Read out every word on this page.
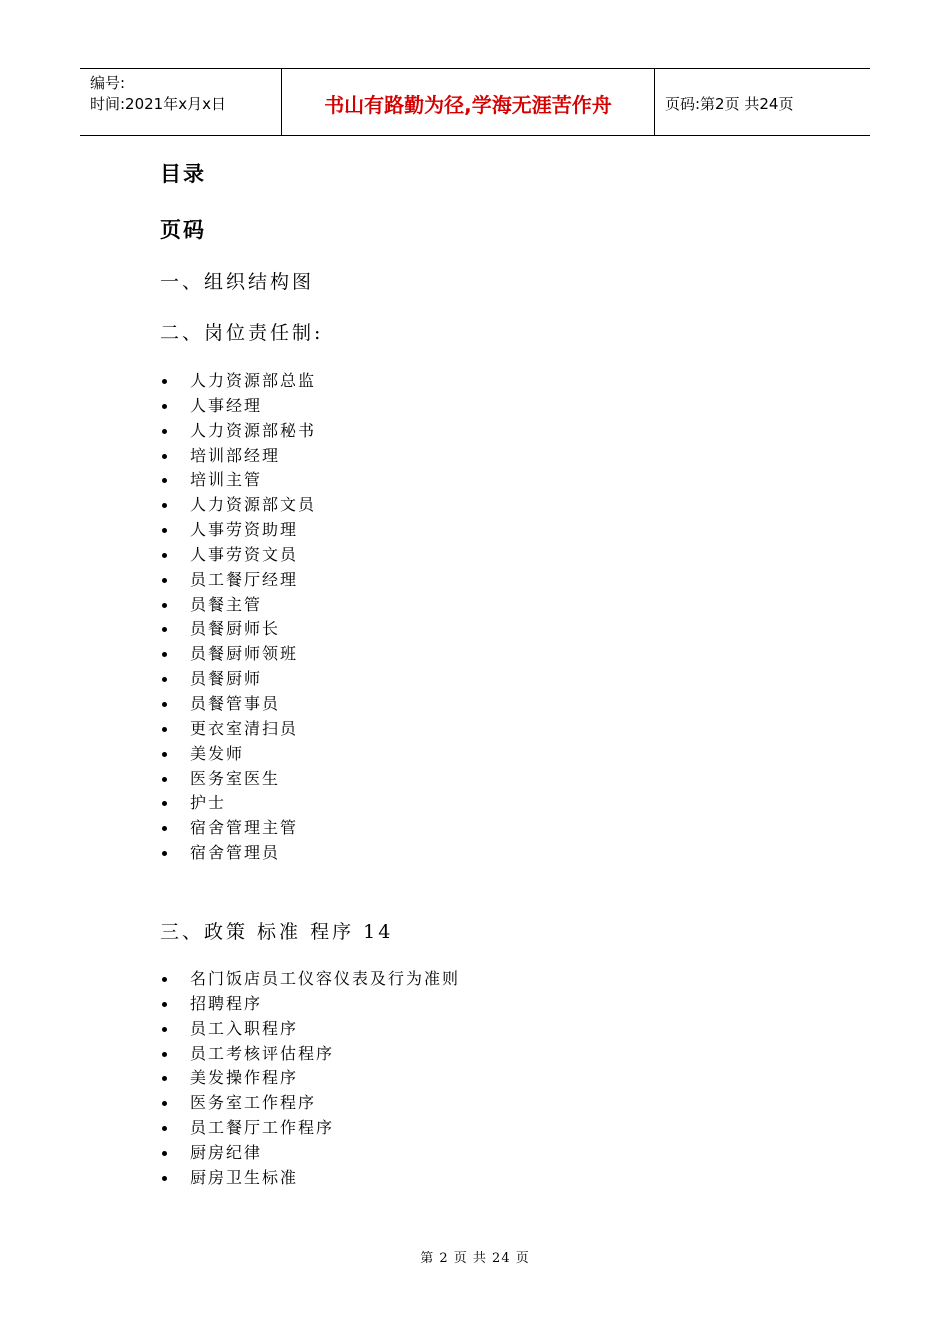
编号:
时间:2021年x月x日	书山有路勤为径,学海无涯苦作舟	页码:第2页 共24页
目录
页码
一、组织结构图
二、岗位责任制:
人力资源部总监
人事经理
人力资源部秘书
培训部经理
培训主管
人力资源部文员
人事劳资助理
人事劳资文员
员工餐厅经理
员餐主管
员餐厨师长
员餐厨师领班
员餐厨师
员餐管事员
更衣室清扫员
美发师
医务室医生
护士
宿舍管理主管
宿舍管理员
三、政策 标准 程序 14
名门饭店员工仪容仪表及行为准则
招聘程序
员工入职程序
员工考核评估程序
美发操作程序
医务室工作程序
员工餐厅工作程序
厨房纪律
厨房卫生标准
第 2 页 共 24 页
